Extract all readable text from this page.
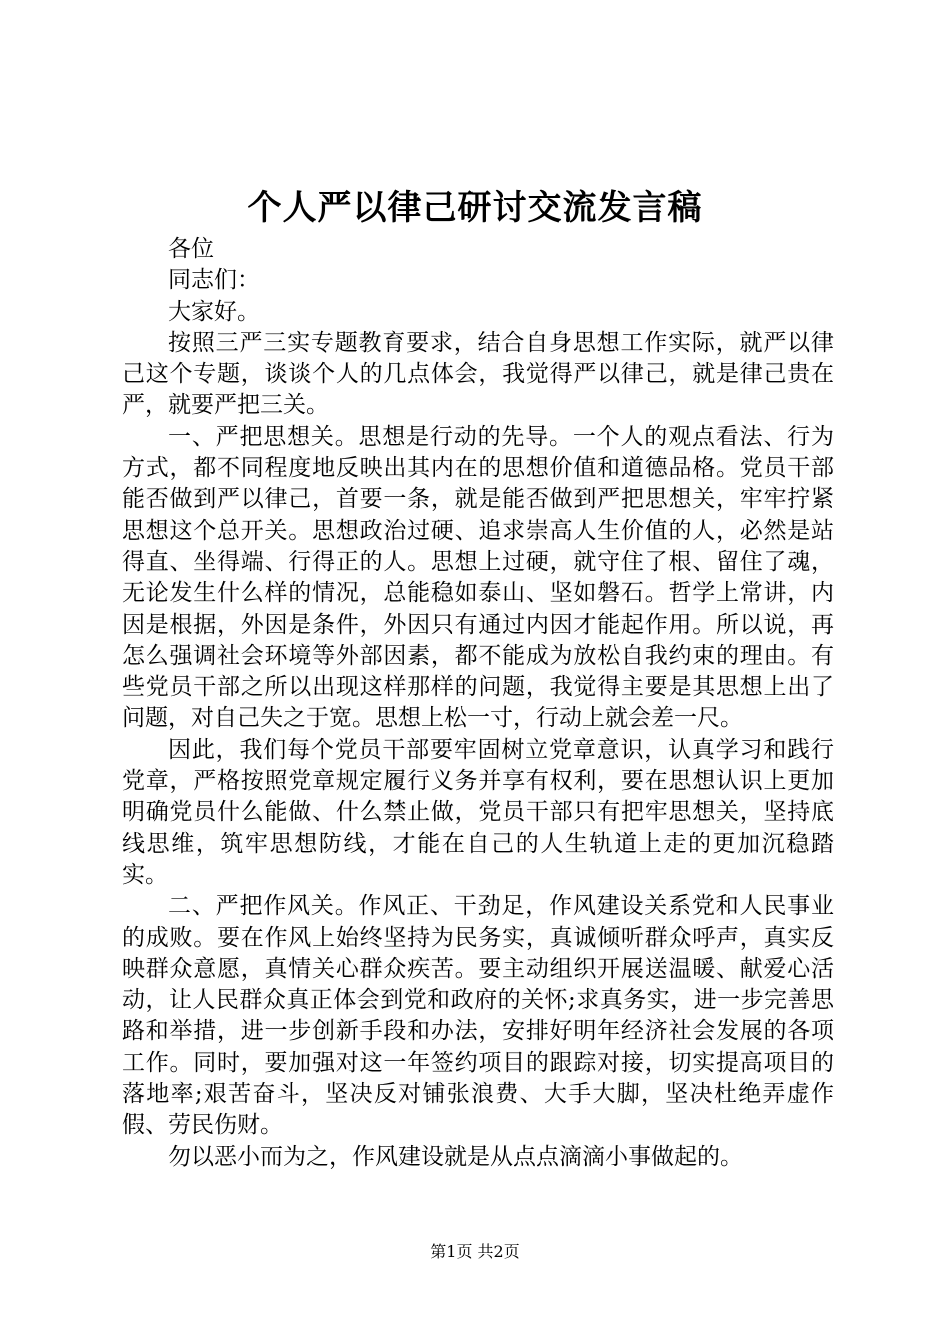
个人严以律己研讨交流发言稿

各位

同志们：

大家好。

按照三严三实专题教育要求，结合自身思想工作实际，就严以律己这个专题，谈谈个人的几点体会，我觉得严以律己，就是律己贵在严，就要严把三关。

一、严把思想关。思想是行动的先导。一个人的观点看法、行为方式，都不同程度地反映出其内在的思想价值和道德品格。党员干部能否做到严以律己，首要一条，就是能否做到严把思想关，牢牢拧紧思想这个总开关。思想政治过硬、追求崇高人生价值的人，必然是站得直、坐得端、行得正的人。思想上过硬，就守住了根、留住了魂，无论发生什么样的情况，总能稳如泰山、坚如磐石。哲学上常讲，内因是根据，外因是条件，外因只有通过内因才能起作用。所以说，再怎么强调社会环境等外部因素，都不能成为放松自我约束的理由。有些党员干部之所以出现这样那样的问题，我觉得主要是其思想上出了问题，对自己失之于宽。思想上松一寸，行动上就会差一尺。

因此，我们每个党员干部要牢固树立党章意识，认真学习和践行党章，严格按照党章规定履行义务并享有权利，要在思想认识上更加明确党员什么能做、什么禁止做，党员干部只有把牢思想关，坚持底线思维，筑牢思想防线，才能在自己的人生轨道上走的更加沉稳踏实。

二、严把作风关。作风正、干劲足，作风建设关系党和人民事业的成败。要在作风上始终坚持为民务实，真诚倾听群众呼声，真实反映群众意愿，真情关心群众疾苦。要主动组织开展送温暖、献爱心活动，让人民群众真正体会到党和政府的关怀;求真务实，进一步完善思路和举措，进一步创新手段和办法，安排好明年经济社会发展的各项工作。同时，要加强对这一年签约项目的跟踪对接，切实提高项目的落地率;艰苦奋斗，坚决反对铺张浪费、大手大脚，坚决杜绝弄虚作假、劳民伤财。

勿以恶小而为之，作风建设就是从点点滴滴小事做起的。

第1页 共2页
